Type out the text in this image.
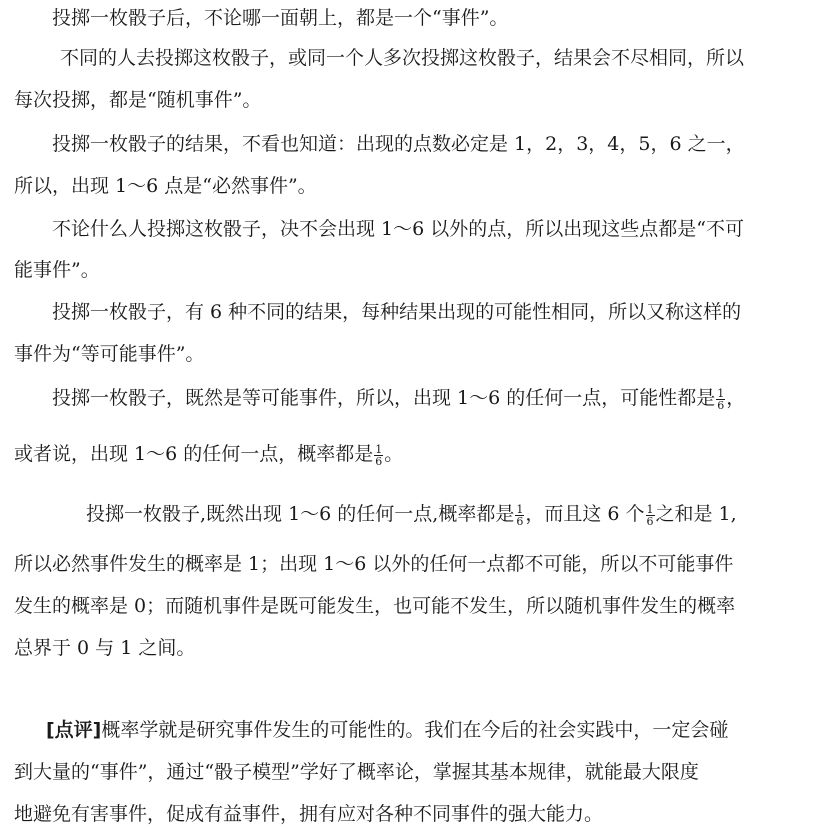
投掷一枚骰子后，不论哪一面朝上，都是一个“事件”。
不同的人去投掷这枚骰子，或同一个人多次投掷这枚骰子，结果会不尽相同，所以
每次投掷，都是“随机事件”。
投掷一枚骰子的结果，不看也知道：出现的点数必定是 1，2，3，4，5，6 之一，
所以，出现 1～6 点是“必然事件”。
不论什么人投掷这枚骰子，决不会出现 1～6 以外的点，所以出现这些点都是“不可
能事件”。
投掷一枚骰子，有 6 种不同的结果，每种结果出现的可能性相同，所以又称这样的
事件为“等可能事件”。
投掷一枚骰子，既然是等可能事件，所以，出现 1～6 的任何一点，可能性都是 $\frac{1}{6}$ ，
或者说，出现 1～6 的任何一点，概率都是 $\frac{1}{6}$ 。
投掷一枚骰子,既然出现 1～6 的任何一点,概率都是 $\frac{1}{6}$ ，而且这 6 个 $\frac{1}{6}$ 之和是 1,
所以必然事件发生的概率是 1；出现 1～6 以外的任何一点都不可能，所以不可能事件
发生的概率是 0；而随机事件是既可能发生，也可能不发生，所以随机事件发生的概率
总界于 0 与 1 之间。
[点评]概率学就是研究事件发生的可能性的。我们在今后的社会实践中，一定会碰
到大量的“事件”，通过“骰子模型”学好了概率论，掌握其基本规律，就能最大限度
地避免有害事件，促成有益事件，拥有应对各种不同事件的强大能力。
